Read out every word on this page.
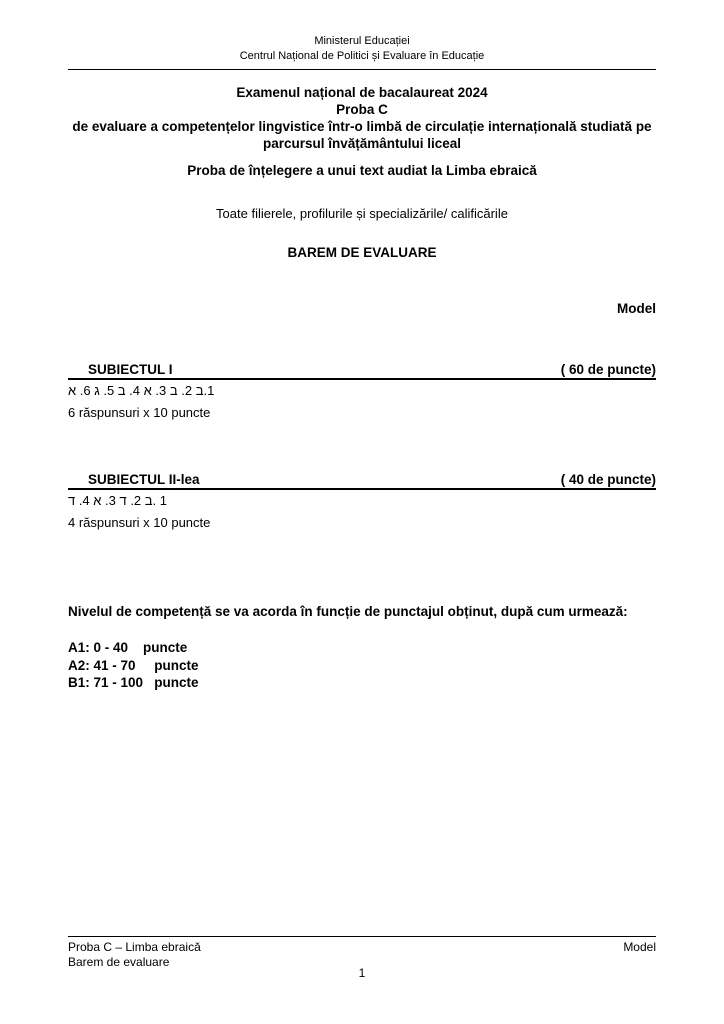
Ministerul Educației
Centrul Național de Politici și Evaluare în Educație
Examenul național de bacalaureat 2024
Proba C
de evaluare a competențelor lingvistice într-o limbă de circulație internațională studiată pe parcursul învățământului liceal
Proba de înțelegere a unui text audiat la Limba ebraică
Toate filierele, profilurile și specializările/ calificările
BAREM DE EVALUARE
Model
SUBIECTUL I	( 60 de puncte)
א .6 ג .5 ב .4 א .3 ב .2 ב.1
6 răspunsuri x 10 puncte
SUBIECTUL II-lea	( 40 de puncte)
ד .4 א .3 ד .2 ב. 1
4 răspunsuri x 10 puncte
Nivelul de competență se va acorda în funcție de punctajul obținut, după cum urmează:
A1: 0 - 40    puncte
A2: 41 - 70     puncte
B1: 71 - 100   puncte
Proba C – Limba ebraică	Model
Barem de evaluare
1
